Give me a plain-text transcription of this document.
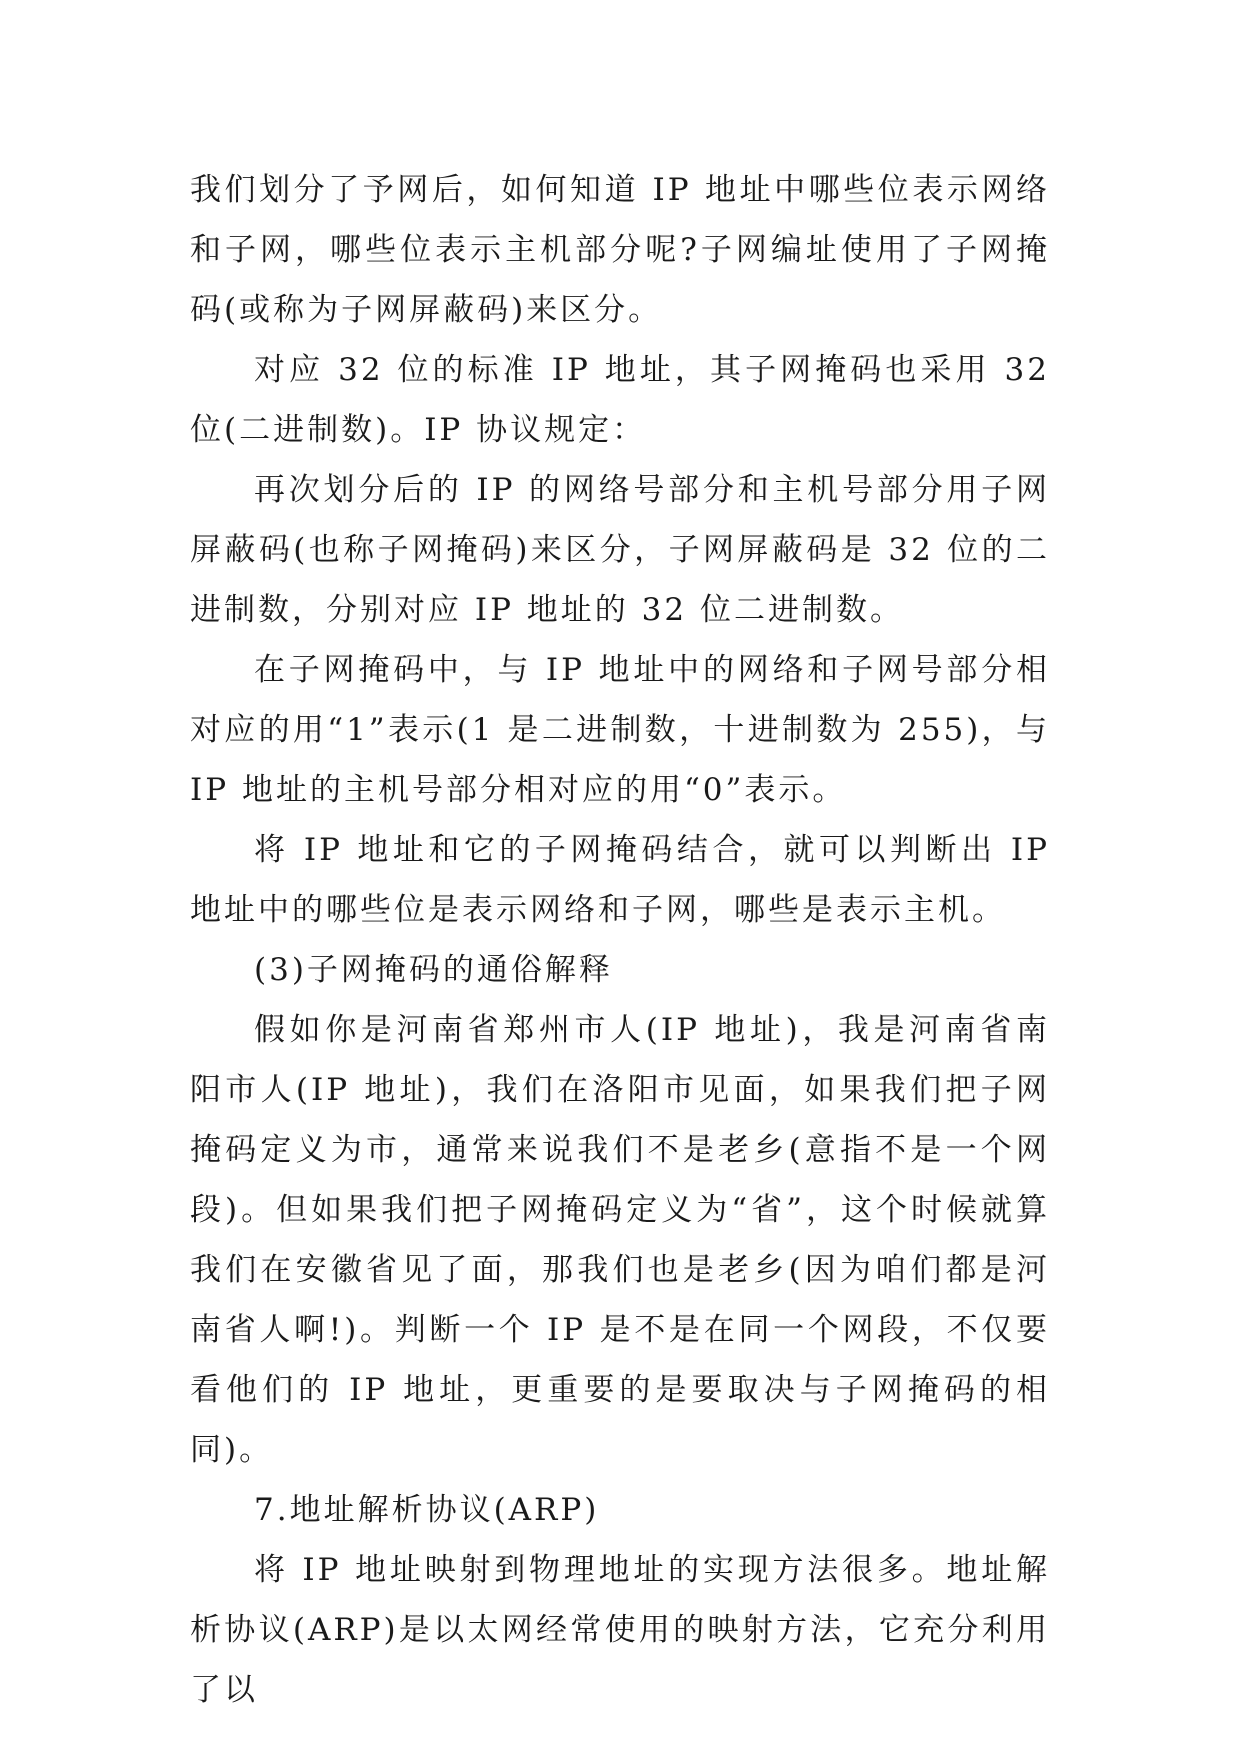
我们划分了予网后，如何知道 IP 地址中哪些位表示网络和子网，哪些位表示主机部分呢?子网编址使用了子网掩码(或称为子网屏蔽码)来区分。

对应 32 位的标准 IP 地址，其子网掩码也采用 32 位(二进制数)。IP 协议规定：

再次划分后的 IP 的网络号部分和主机号部分用子网屏蔽码(也称子网掩码)来区分，子网屏蔽码是 32 位的二进制数，分别对应 IP 地址的 32 位二进制数。

在子网掩码中，与 IP 地址中的网络和子网号部分相对应的用“1”表示(1 是二进制数，十进制数为 255)，与 IP 地址的主机号部分相对应的用“0”表示。

将 IP 地址和它的子网掩码结合，就可以判断出 IP 地址中的哪些位是表示网络和子网，哪些是表示主机。

(3)子网掩码的通俗解释

假如你是河南省郑州市人(IP 地址)，我是河南省南阳市人(IP 地址)，我们在洛阳市见面，如果我们把子网掩码定义为市，通常来说我们不是老乡(意指不是一个网段)。但如果我们把子网掩码定义为“省”，这个时候就算我们在安徽省见了面，那我们也是老乡(因为咱们都是河南省人啊!)。判断一个 IP 是不是在同一个网段，不仅要看他们的 IP 地址，更重要的是要取决与子网掩码的相同)。

7.地址解析协议(ARP)

将 IP 地址映射到物理地址的实现方法很多。地址解析协议(ARP)是以太网经常使用的映射方法，它充分利用了以
